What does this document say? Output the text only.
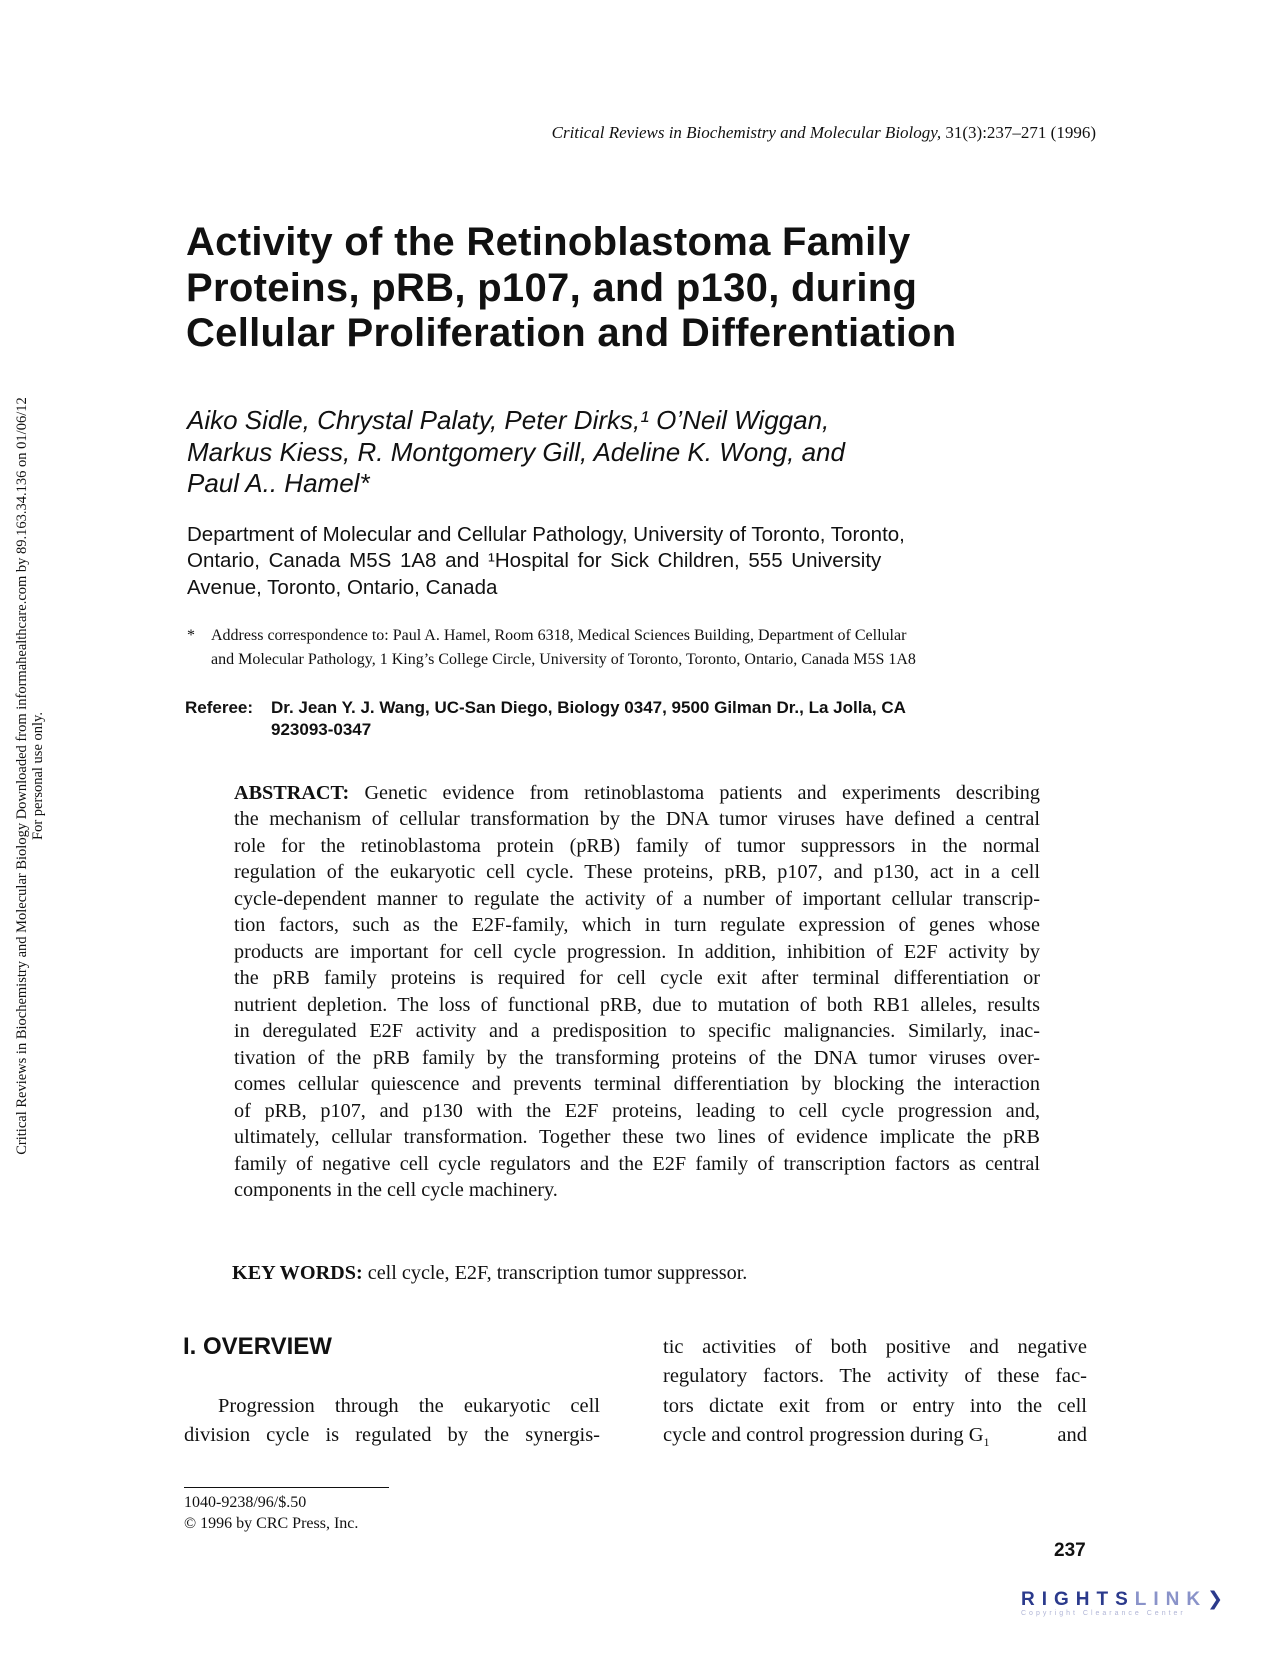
Critical Reviews in Biochemistry and Molecular Biology Downloaded from informahealthcare.com by 89.163.34.136 on 01/06/12 For personal use only.
Critical Reviews in Biochemistry and Molecular Biology, 31(3):237–271 (1996)
Activity of the Retinoblastoma Family
Proteins, pRB, p107, and p130, during
Cellular Proliferation and Differentiation
Aiko Sidle, Chrystal Palaty, Peter Dirks,¹ O’Neil Wiggan,
Markus Kiess, R. Montgomery Gill, Adeline K. Wong, and
Paul A.. Hamel*
Department of Molecular and Cellular Pathology, University of Toronto, Toronto,
Ontario, Canada M5S 1A8 and ¹Hospital for Sick Children, 555 University
Avenue, Toronto, Ontario, Canada
* Address correspondence to: Paul A. Hamel, Room 6318, Medical Sciences Building, Department of Cellular
and Molecular Pathology, 1 King’s College Circle, University of Toronto, Toronto, Ontario, Canada M5S 1A8
Referee: Dr. Jean Y. J. Wang, UC-San Diego, Biology 0347, 9500 Gilman Dr., La Jolla, CA
923093-0347
ABSTRACT: Genetic evidence from retinoblastoma patients and experiments describing
the mechanism of cellular transformation by the DNA tumor viruses have defined a central
role for the retinoblastoma protein (pRB) family of tumor suppressors in the normal
regulation of the eukaryotic cell cycle. These proteins, pRB, p107, and p130, act in a cell
cycle-dependent manner to regulate the activity of a number of important cellular transcrip-
tion factors, such as the E2F-family, which in turn regulate expression of genes whose
products are important for cell cycle progression. In addition, inhibition of E2F activity by
the pRB family proteins is required for cell cycle exit after terminal differentiation or
nutrient depletion. The loss of functional pRB, due to mutation of both RB1 alleles, results
in deregulated E2F activity and a predisposition to specific malignancies. Similarly, inac-
tivation of the pRB family by the transforming proteins of the DNA tumor viruses over-
comes cellular quiescence and prevents terminal differentiation by blocking the interaction
of pRB, p107, and p130 with the E2F proteins, leading to cell cycle progression and,
ultimately, cellular transformation. Together these two lines of evidence implicate the pRB
family of negative cell cycle regulators and the E2F family of transcription factors as central
components in the cell cycle machinery.
KEY WORDS: cell cycle, E2F, transcription tumor suppressor.
I. OVERVIEW
Progression through the eukaryotic cell
division cycle is regulated by the synergis-
tic activities of both positive and negative
regulatory factors. The activity of these fac-
tors dictate exit from or entry into the cell
cycle and control progression during $G_1$	and
1040-9238/96/$.50
© 1996 by CRC Press, Inc.
237
RIGHTSLINK❯
Copyright Clearance Center
